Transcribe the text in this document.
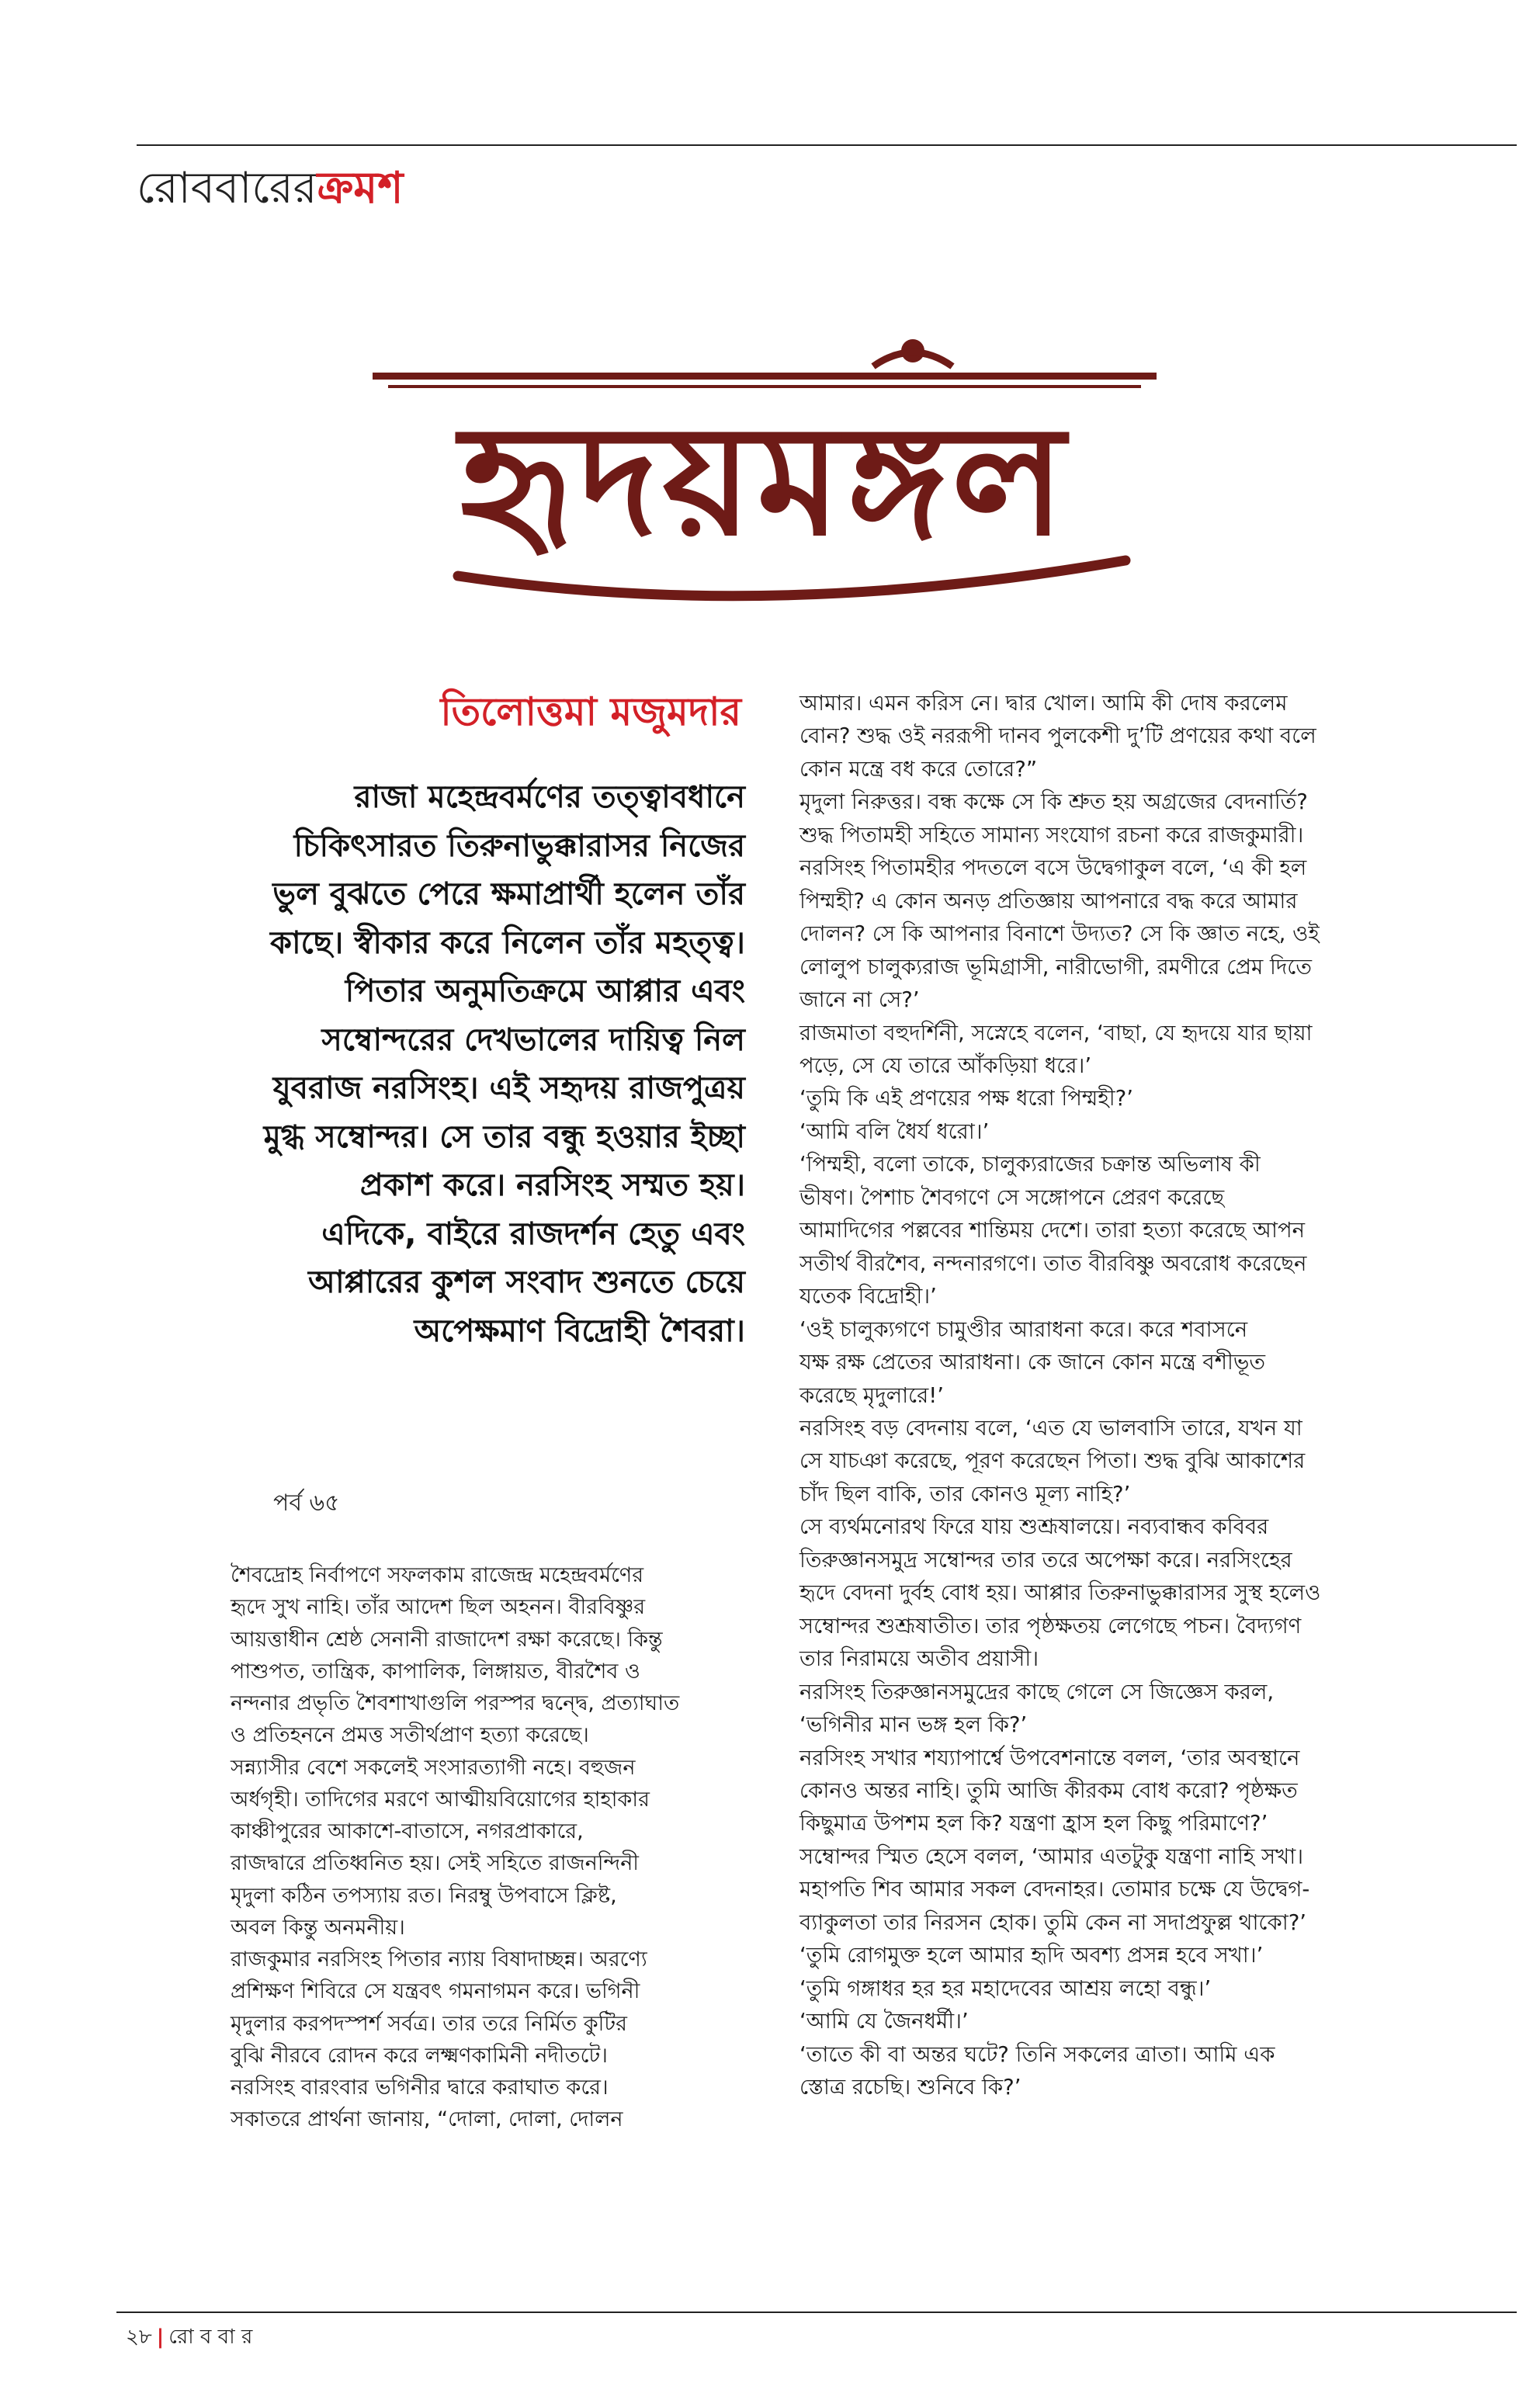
রোববারেরক্রমশ
হৃদয়মঙ্গল
তিলোত্তমা মজুমদার
রাজা মহেন্দ্রবর্মণের তত্ত্বাবধানে
চিকিৎসারত তিরুনাভুক্কারাসর নিজের
ভুল বুঝতে পেরে ক্ষমাপ্রার্থী হলেন তাঁর
কাছে। স্বীকার করে নিলেন তাঁর মহত্ত্ব।
পিতার অনুমতিক্রমে আপ্পার এবং
সম্বোন্দরের দেখভালের দায়িত্ব নিল
যুবরাজ নরসিংহ। এই সহৃদয় রাজপুত্রয়
মুগ্ধ সম্বোন্দর। সে তার বন্ধু হওয়ার ইচ্ছা
প্রকাশ করে। নরসিংহ সম্মত হয়।
এদিকে, বাইরে রাজদর্শন হেতু এবং
আপ্পারের কুশল সংবাদ শুনতে চেয়ে
অপেক্ষমাণ বিদ্রোহী শৈবরা।
পর্ব ৬৫
শৈবদ্রোহ নির্বাপণে সফলকাম রাজেন্দ্র মহেন্দ্রবর্মণের
হৃদে সুখ নাহি। তাঁর আদেশ ছিল অহনন। বীরবিষ্ণুর
আয়ত্তাধীন শ্রেষ্ঠ সেনানী রাজাদেশ রক্ষা করেছে। কিন্তু
পাশুপত, তান্ত্রিক, কাপালিক, লিঙ্গায়ত, বীরশৈব ও
নন্দনার প্রভৃতি শৈবশাখাগুলি পরস্পর দ্বন্দ্বে, প্রত্যাঘাত
ও প্রতিহননে প্রমত্ত সতীর্থপ্রাণ হত্যা করেছে।
সন্ন্যাসীর বেশে সকলেই সংসারত্যাগী নহে। বহুজন
অর্ধগৃহী। তাদিগের মরণে আত্মীয়বিয়োগের হাহাকার
কাঞ্চীপুরের আকাশে-বাতাসে, নগরপ্রাকারে,
রাজদ্বারে প্রতিধ্বনিত হয়। সেই সহিতে রাজনন্দিনী
মৃদুলা কঠিন তপস্যায় রত। নিরম্বু উপবাসে ক্লিষ্ট,
অবল কিন্তু অনমনীয়।
রাজকুমার নরসিংহ পিতার ন্যায় বিষাদাচ্ছন্ন। অরণ্যে
প্রশিক্ষণ শিবিরে সে যন্ত্রবৎ গমনাগমন করে। ভগিনী
মৃদুলার করপদস্পর্শ সর্বত্র। তার তরে নির্মিত কুটির
বুঝি নীরবে রোদন করে লক্ষ্মণকামিনী নদীতটে।
নরসিংহ বারংবার ভগিনীর দ্বারে করাঘাত করে।
সকাতরে প্রার্থনা জানায়, “দোলা, দোলা, দোলন
আমার। এমন করিস নে। দ্বার খোল। আমি কী দোষ করলেম
বোন? শুদ্ধ ওই নররূপী দানব পুলকেশী দু’টি প্রণয়ের কথা বলে
কোন মন্ত্রে বধ করে তোরে?”
মৃদুলা নিরুত্তর। বন্ধ কক্ষে সে কি শ্রুত হয় অগ্রজের বেদনার্তি?
শুদ্ধ পিতামহী সহিতে সামান্য সংযোগ রচনা করে রাজকুমারী।
নরসিংহ পিতামহীর পদতলে বসে উদ্বেগাকুল বলে, ‘এ কী হল
পিম্মহী? এ কোন অনড় প্রতিজ্ঞায় আপনারে বদ্ধ করে আমার
দোলন? সে কি আপনার বিনাশে উদ্যত? সে কি জ্ঞাত নহে, ওই
লোলুপ চালুক্যরাজ ভূমিগ্রাসী, নারীভোগী, রমণীরে প্রেম দিতে
জানে না সে?’
রাজমাতা বহুদর্শিনী, সস্নেহে বলেন, ‘বাছা, যে হৃদয়ে যার ছায়া
পড়ে, সে যে তারে আঁকড়িয়া ধরে।’
‘তুমি কি এই প্রণয়ের পক্ষ ধরো পিম্মহী?’
‘আমি বলি ধৈর্য ধরো।’
‘পিম্মহী, বলো তাকে, চালুক্যরাজের চক্রান্ত অভিলাষ কী
ভীষণ। পৈশাচ শৈবগণে সে সঙ্গোপনে প্রেরণ করেছে
আমাদিগের পল্লবের শান্তিময় দেশে। তারা হত্যা করেছে আপন
সতীর্থ বীরশৈব, নন্দনারগণে। তাত বীরবিষ্ণু অবরোধ করেছেন
যতেক বিদ্রোহী।’
‘ওই চালুক্যগণে চামুণ্ডীর আরাধনা করে। করে শবাসনে
যক্ষ রক্ষ প্রেতের আরাধনা। কে জানে কোন মন্ত্রে বশীভূত
করেছে মৃদুলারে!’
নরসিংহ বড় বেদনায় বলে, ‘এত যে ভালবাসি তারে, যখন যা
সে যাচঞা করেছে, পূরণ করেছেন পিতা। শুদ্ধ বুঝি আকাশের
চাঁদ ছিল বাকি, তার কোনও মূল্য নাহি?’
সে ব্যর্থমনোরথ ফিরে যায় শুশ্রূষালয়ে। নব্যবান্ধব কবিবর
তিরুজ্ঞানসমুদ্র সম্বোন্দর তার তরে অপেক্ষা করে। নরসিংহের
হৃদে বেদনা দুর্বহ বোধ হয়। আপ্পার তিরুনাভুক্কারাসর সুস্থ হলেও
সম্বোন্দর শুশ্রূষাতীত। তার পৃষ্ঠক্ষতয় লেগেছে পচন। বৈদ্যগণ
তার নিরাময়ে অতীব প্রয়াসী।
নরসিংহ তিরুজ্ঞানসমুদ্রের কাছে গেলে সে জিজ্ঞেস করল,
‘ভগিনীর মান ভঙ্গ হল কি?’
নরসিংহ সখার শয্যাপার্শ্বে উপবেশনান্তে বলল, ‘তার অবস্থানে
কোনও অন্তর নাহি। তুমি আজি কীরকম বোধ করো? পৃষ্ঠক্ষত
কিছুমাত্র উপশম হল কি? যন্ত্রণা হ্রাস হল কিছু পরিমাণে?’
সম্বোন্দর স্মিত হেসে বলল, ‘আমার এতটুকু যন্ত্রণা নাহি সখা।
মহাপতি শিব আমার সকল বেদনাহর। তোমার চক্ষে যে উদ্বেগ-
ব্যাকুলতা তার নিরসন হোক। তুমি কেন না সদাপ্রফুল্ল থাকো?’
‘তুমি রোগমুক্ত হলে আমার হৃদি অবশ্য প্রসন্ন হবে সখা।’
‘তুমি গঙ্গাধর হর হর মহাদেবের আশ্রয় লহো বন্ধু।’
‘আমি যে জৈনধর্মী।’
‘তাতে কী বা অন্তর ঘটে? তিনি সকলের ত্রাতা। আমি এক
স্তোত্র রচেছি। শুনিবে কি?’
২৮ | রো ব বা র
